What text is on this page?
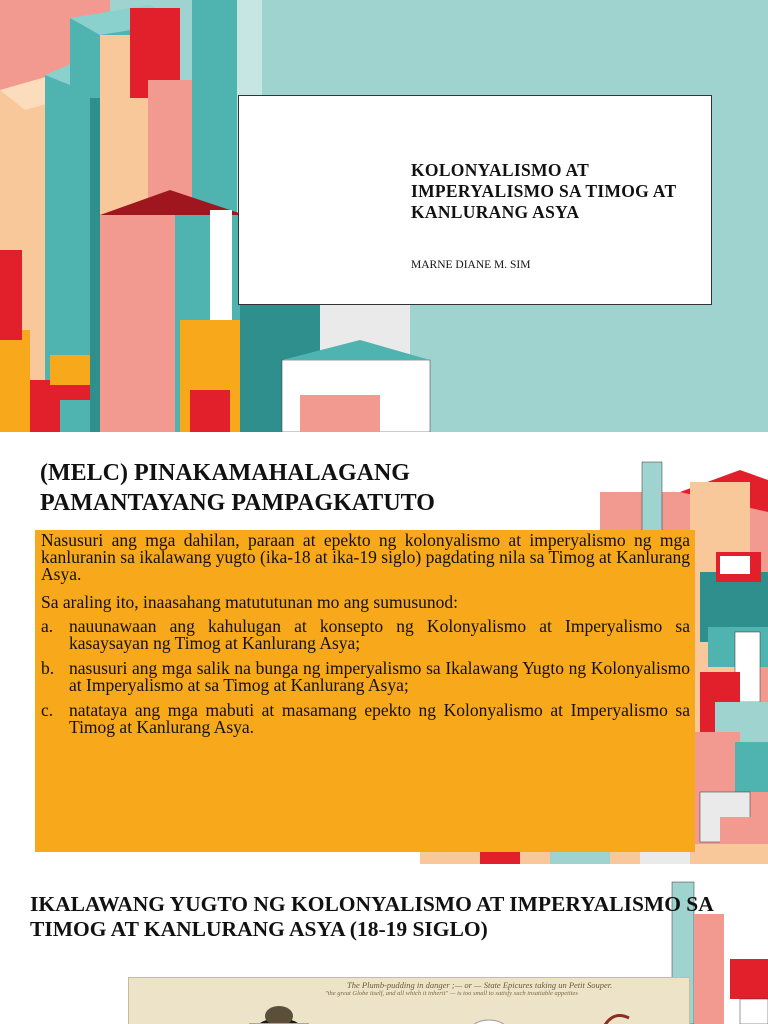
KOLONYALISMO AT IMPERYALISMO SA TIMOG AT KANLURANG ASYA

MARNE DIANE M. SIM

(MELC) PINAKAMAHALAGANG PAMANTAYANG PAMPAGKATUTO

Nasusuri ang mga dahilan, paraan at epekto ng kolonyalismo at imperyalismo ng mga kanluranin sa ikalawang yugto (ika-18 at ika-19 siglo) pagdating nila sa Timog at Kanlurang Asya.

Sa araling ito, inaasahang matututunan mo ang sumusunod:

a. nauunawaan ang kahulugan at konsepto ng Kolonyalismo at Imperyalismo sa kasaysayan ng Timog at Kanlurang Asya;
b. nasusuri ang mga salik na bunga ng imperyalismo sa Ikalawang Yugto ng Kolonyalismo at Imperyalismo at sa Timog at Kanlurang Asya;
c. natataya ang mga mabuti at masamang epekto ng Kolonyalismo at Imperyalismo sa Timog at Kanlurang Asya.
IKALAWANG YUGTO NG KOLONYALISMO AT IMPERYALISMO SA TIMOG AT KANLURANG ASYA (18-19 SIGLO)
The Plumb-pudding in danger ;— or — State Epicures taking un Petit Souper.
"the great Globe itself, and all which it inherit" — is too small to satisfy such insatiable appetites
